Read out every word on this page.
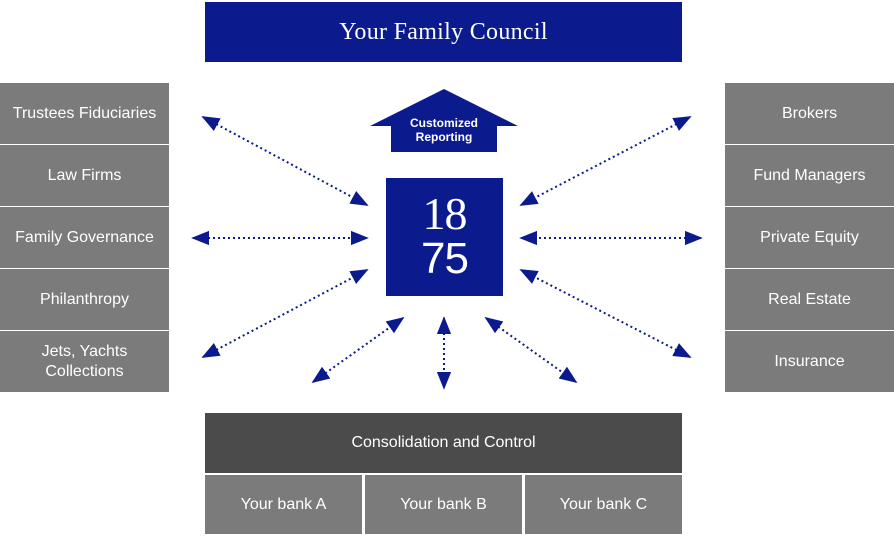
Your Family Council
Customized Reporting
Trustees Fiduciaries
Law Firms
Family Governance
Philanthropy
Jets, Yachts Collections
Brokers
Fund Managers
Private Equity
Real Estate
Insurance
18
75
Consolidation and Control
Your bank A	Your bank B	Your bank C
